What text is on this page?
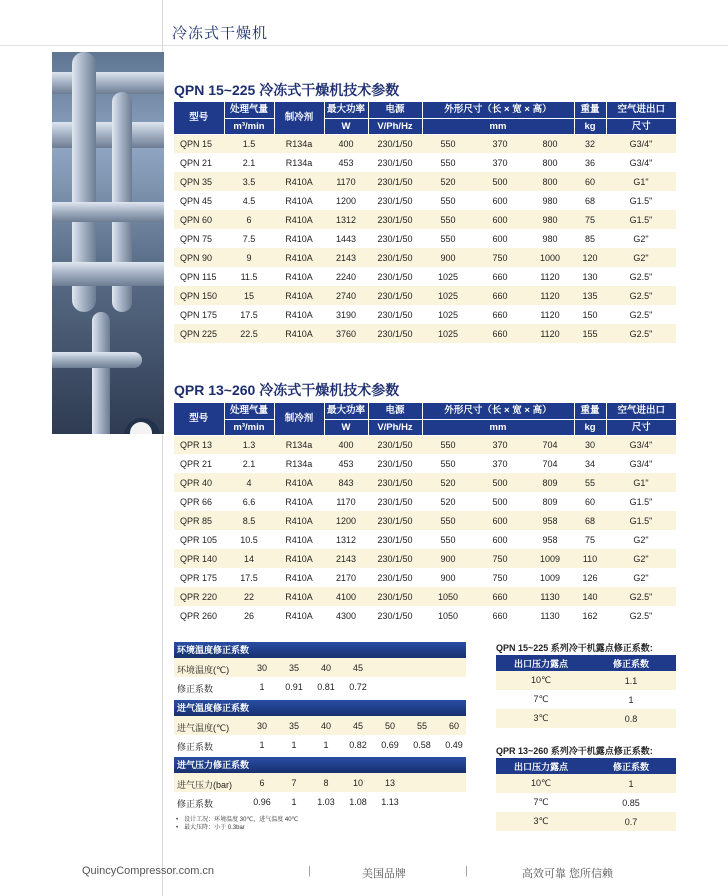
冷冻式干燥机
QPN 15~225 冷冻式干燥机技术参数
型号	处理气量	制冷剂	最大功率	电源	外形尺寸（长 × 宽 × 高）			重量	空气进出口
	m³/min		W	V/Ph/Hz	mm			kg	尺寸
QPN 15	1.5	R134a	400	230/1/50	550	370	800	32	G3/4"
QPN 21	2.1	R134a	453	230/1/50	550	370	800	36	G3/4"
QPN 35	3.5	R410A	1170	230/1/50	520	500	800	60	G1"
QPN 45	4.5	R410A	1200	230/1/50	550	600	980	68	G1.5"
QPN 60	6	R410A	1312	230/1/50	550	600	980	75	G1.5"
QPN 75	7.5	R410A	1443	230/1/50	550	600	980	85	G2"
QPN 90	9	R410A	2143	230/1/50	900	750	1000	120	G2"
QPN 115	11.5	R410A	2240	230/1/50	1025	660	1120	130	G2.5"
QPN 150	15	R410A	2740	230/1/50	1025	660	1120	135	G2.5"
QPN 175	17.5	R410A	3190	230/1/50	1025	660	1120	150	G2.5"
QPN 225	22.5	R410A	3760	230/1/50	1025	660	1120	155	G2.5"
QPR 13~260 冷冻式干燥机技术参数
型号	处理气量	制冷剂	最大功率	电源	外形尺寸（长 × 宽 × 高）			重量	空气进出口
	m³/min		W	V/Ph/Hz	mm			kg	尺寸
QPR 13	1.3	R134a	400	230/1/50	550	370	704	30	G3/4"
QPR 21	2.1	R134a	453	230/1/50	550	370	704	34	G3/4"
QPR 40	4	R410A	843	230/1/50	520	500	809	55	G1"
QPR 66	6.6	R410A	1170	230/1/50	520	500	809	60	G1.5"
QPR 85	8.5	R410A	1200	230/1/50	550	600	958	68	G1.5"
QPR 105	10.5	R410A	1312	230/1/50	550	600	958	75	G2"
QPR 140	14	R410A	2143	230/1/50	900	750	1009	110	G2"
QPR 175	17.5	R410A	2170	230/1/50	900	750	1009	126	G2"
QPR 220	22	R410A	4100	230/1/50	1050	660	1130	140	G2.5"
QPR 260	26	R410A	4300	230/1/50	1050	660	1130	162	G2.5"
环境温度修正系数
环境温度(℃)	30	35	40	45
修正系数	1	0.91	0.81	0.72
进气温度修正系数
进气温度(℃)	30	35	40	45	50	55	60
修正系数	1	1	1	0.82	0.69	0.58	0.49
进气压力修正系数
进气压力(bar)	6	7	8	10	13
修正系数	0.96	1	1.03	1.08	1.13
QPN 15~225 系列冷干机露点修正系数:
出口压力露点	修正系数
10℃	1.1
7℃	1
3℃	0.8
QPR 13~260 系列冷干机露点修正系数:
出口压力露点	修正系数
10℃	1
7℃	0.85
3℃	0.7
• 设计工况：环境温度 30℃，进气温度 40℃
• 最大压降：小于 0.3bar
QuincyCompressor.com.cn	|	美国品牌	|	高效可靠 您所信赖
